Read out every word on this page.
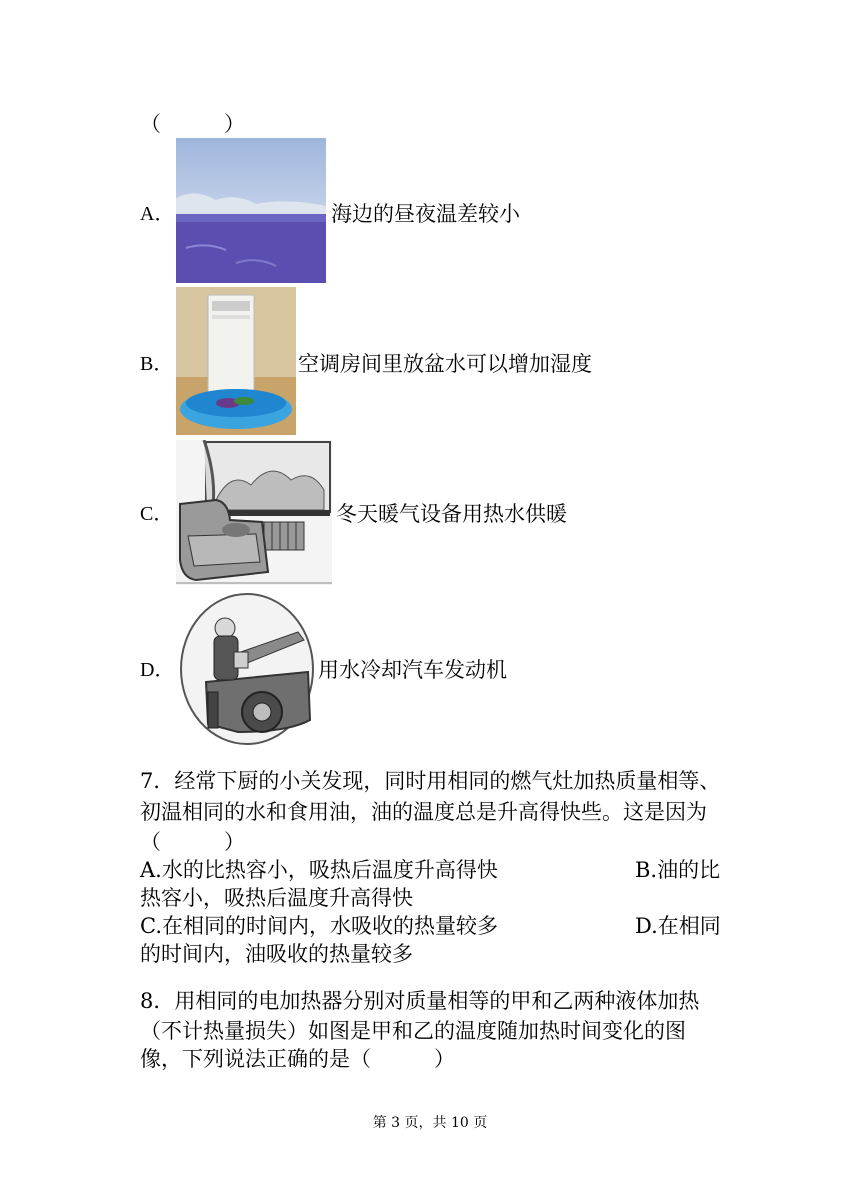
（　　　）
A．	海边的昼夜温差较小
B．	空调房间里放盆水可以增加湿度
C．	冬天暖气设备用热水供暖
D．	用水冷却汽车发动机
7．经常下厨的小关发现，同时用相同的燃气灶加热质量相等、
初温相同的水和食用油，油的温度总是升高得快些。这是因为
（　　　）
A.水的比热容小，吸热后温度升高得快	B.油的比
热容小，吸热后温度升高得快
C.在相同的时间内，水吸收的热量较多	D.在相同
的时间内，油吸收的热量较多
8．用相同的电加热器分别对质量相等的甲和乙两种液体加热
（不计热量损失）如图是甲和乙的温度随加热时间变化的图
像，下列说法正确的是（　　　）
第 3 页，共 10 页
